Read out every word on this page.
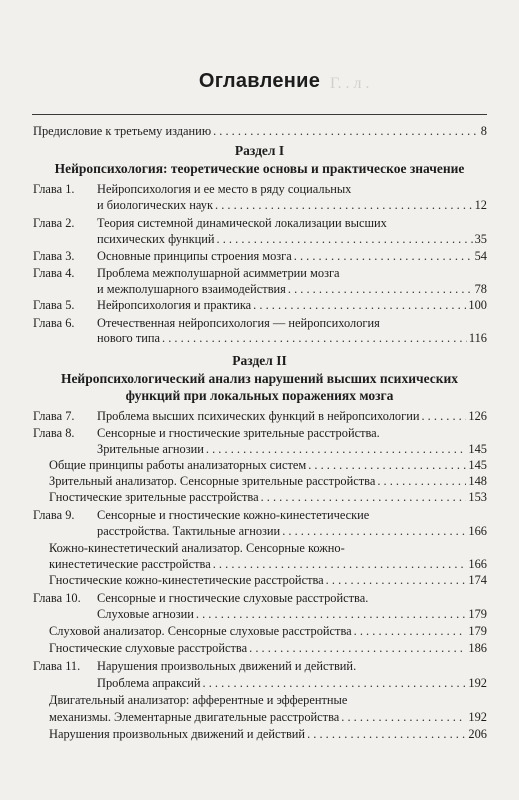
Г. . л .
Оглавление
Предисловие к третьему изданию . . .	8
Раздел I
Нейропсихология: теоретические основы и практическое значение
Глава 1. Нейропсихология и ее место в ряду социальных
и биологических наук . . .	12
Глава 2. Теория системной динамической локализации высших
психических функций . . .	35
Глава 3. Основные принципы строения мозга . . .	54
Глава 4. Проблема межполушарной асимметрии мозга
и межполушарного взаимодействия . . .	78
Глава 5. Нейропсихология и практика . . .	100
Глава 6. Отечественная нейропсихология — нейропсихология
нового типа . . .	116
Раздел II
Нейропсихологический анализ нарушений высших психических
функций при локальных поражениях мозга
Глава 7. Проблема высших психических функций в нейропсихологии . . .	126
Глава 8. Сенсорные и гностические зрительные расстройства.
Зрительные агнозии . . .	145
Общие принципы работы анализаторных систем . . .	145
Зрительный анализатор. Сенсорные зрительные расстройства . . .	148
Гностические зрительные расстройства . . .	153
Глава 9. Сенсорные и гностические кожно-кинестетические
расстройства. Тактильные агнозии . . .	166
Кожно-кинестетический анализатор. Сенсорные кожно-
кинестетические расстройства . . .	166
Гностические кожно-кинестетические расстройства . . .	174
Глава 10. Сенсорные и гностические слуховые расстройства.
Слуховые агнозии . . .	179
Слуховой анализатор. Сенсорные слуховые расстройства . . .	179
Гностические слуховые расстройства . . .	186
Глава 11. Нарушения произвольных движений и действий.
Проблема апраксий . . .	192
Двигательный анализатор: афферентные и эфферентные
механизмы. Элементарные двигательные расстройства . . .	192
Нарушения произвольных движений и действий . . .	206
